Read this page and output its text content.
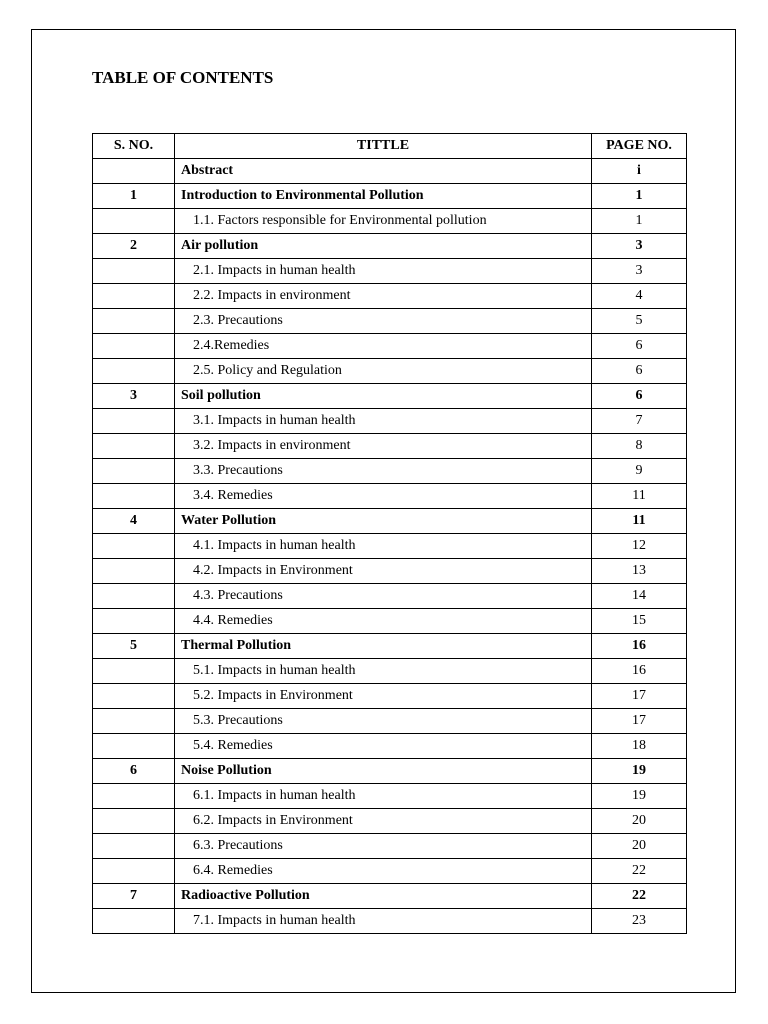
TABLE OF CONTENTS
S. NO.	TITTLE	PAGE NO.
	Abstract	i
1	Introduction to Environmental Pollution	1
	1.1. Factors responsible for Environmental pollution	1
2	Air pollution	3
	2.1. Impacts in human health	3
	2.2. Impacts in environment	4
	2.3. Precautions	5
	2.4.Remedies	6
	2.5. Policy and Regulation	6
3	Soil pollution	6
	3.1. Impacts in human health	7
	3.2. Impacts in environment	8
	3.3. Precautions	9
	3.4. Remedies	11
4	Water Pollution	11
	4.1. Impacts in human health	12
	4.2. Impacts in Environment	13
	4.3. Precautions	14
	4.4. Remedies	15
5	Thermal Pollution	16
	5.1. Impacts in human health	16
	5.2. Impacts in Environment	17
	5.3. Precautions	17
	5.4. Remedies	18
6	Noise Pollution	19
	6.1. Impacts in human health	19
	6.2. Impacts in Environment	20
	6.3. Precautions	20
	6.4. Remedies	22
7	Radioactive Pollution	22
	7.1. Impacts in human health	23
